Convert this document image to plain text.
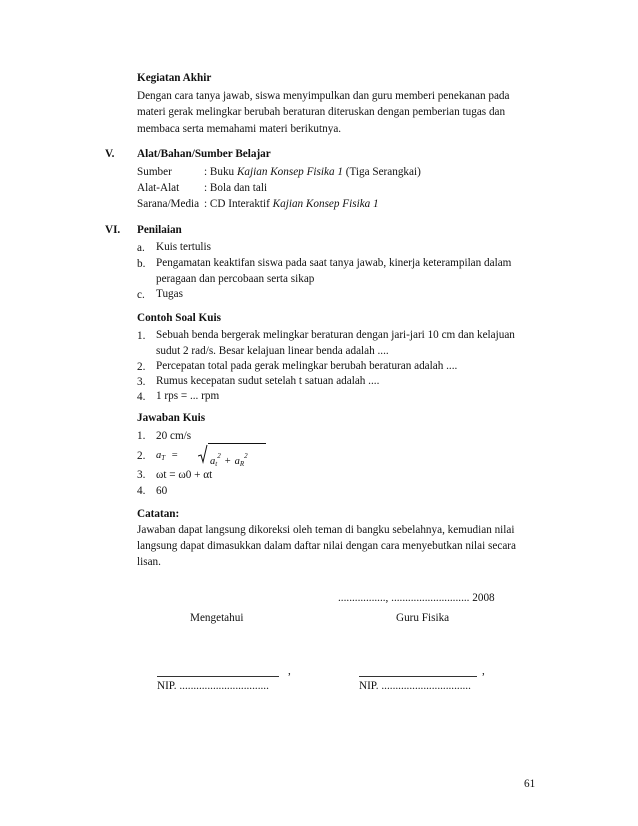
Kegiatan Akhir
Dengan cara tanya jawab, siswa menyimpulkan dan guru memberi penekanan pada materi gerak melingkar berubah beraturan diteruskan dengan pemberian tugas dan membaca serta memahami materi berikutnya.
V. Alat/Bahan/Sumber Belajar
Sumber	: Buku Kajian Konsep Fisika 1 (Tiga Serangkai)
Alat-Alat : Bola dan tali
Sarana/Media : CD Interaktif Kajian Konsep Fisika 1
VI. Penilaian
a. Kuis tertulis
b. Pengamatan keaktifan siswa pada saat tanya jawab, kinerja keterampilan dalam peragaan dan percobaan serta sikap
c. Tugas
Contoh Soal Kuis
1. Sebuah benda bergerak melingkar beraturan dengan jari-jari 10 cm dan kelajuan sudut 2 rad/s. Besar kelajuan linear benda adalah ....
2. Percepatan total pada gerak melingkar berubah beraturan adalah ....
3. Rumus kecepatan sudut setelah t satuan adalah ....
4. 1 rps = ... rpm
Jawaban Kuis
1. 20 cm/s
2. $a_T$ =
$a_t^2 + a_R^2$
3. ωt = ω0 + αt
4. 60
Catatan:
Jawaban dapat langsung dikoreksi oleh teman di bangku sebelahnya, kemudian nilai langsung dapat dimasukkan dalam daftar nilai dengan cara menyebutkan nilai secara lisan.
................., ............................ 2008
Mengetahui	Guru Fisika
,	,
NIP. ................................	NIP. ................................
61
